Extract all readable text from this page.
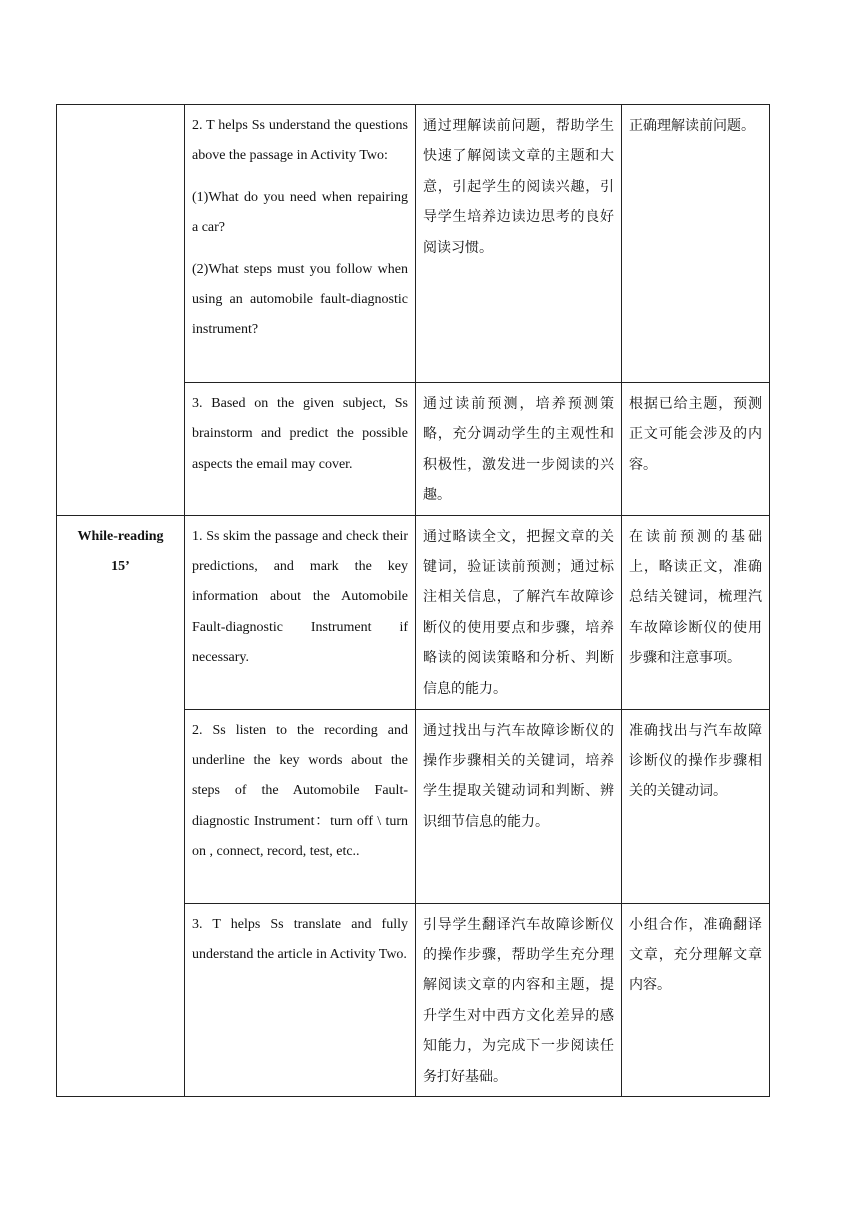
	2. T helps Ss understand the questions above the passage in Activity Two:

(1)What do you need when repairing a car?

(2)What steps must you follow when using an automobile fault-diagnostic instrument?	通过理解读前问题，帮助学生快速了解阅读文章的主题和大意，引起学生的阅读兴趣，引导学生培养边读边思考的良好阅读习惯。	正确理解读前问题。

	3. Based on the given subject, Ss brainstorm and predict the possible aspects the email may cover.	通过读前预测，培养预测策略，充分调动学生的主观性和积极性，激发进一步阅读的兴趣。	根据已给主题，预测正文可能会涉及的内容。

While-reading
15’	1. Ss skim the passage and check their predictions, and mark the key information about the Automobile Fault-diagnostic Instrument if necessary.	通过略读全文，把握文章的关键词，验证读前预测；通过标注相关信息，了解汽车故障诊断仪的使用要点和步骤，培养略读的阅读策略和分析、判断信息的能力。	在读前预测的基础上，略读正文，准确总结关键词，梳理汽车故障诊断仪的使用步骤和注意事项。

	2. Ss listen to the recording and underline the key words about the steps of the Automobile Fault-diagnostic Instrument：turn off \ turn on , connect, record, test, etc..	通过找出与汽车故障诊断仪的操作步骤相关的关键词，培养学生提取关键动词和判断、辨识细节信息的能力。	准确找出与汽车故障诊断仪的操作步骤相关的关键动词。

	3. T helps Ss translate and fully understand the article in Activity Two.	引导学生翻译汽车故障诊断仪的操作步骤，帮助学生充分理解阅读文章的内容和主题，提升学生对中西方文化差异的感知能力，为完成下一步阅读任务打好基础。	小组合作，准确翻译文章，充分理解文章内容。
